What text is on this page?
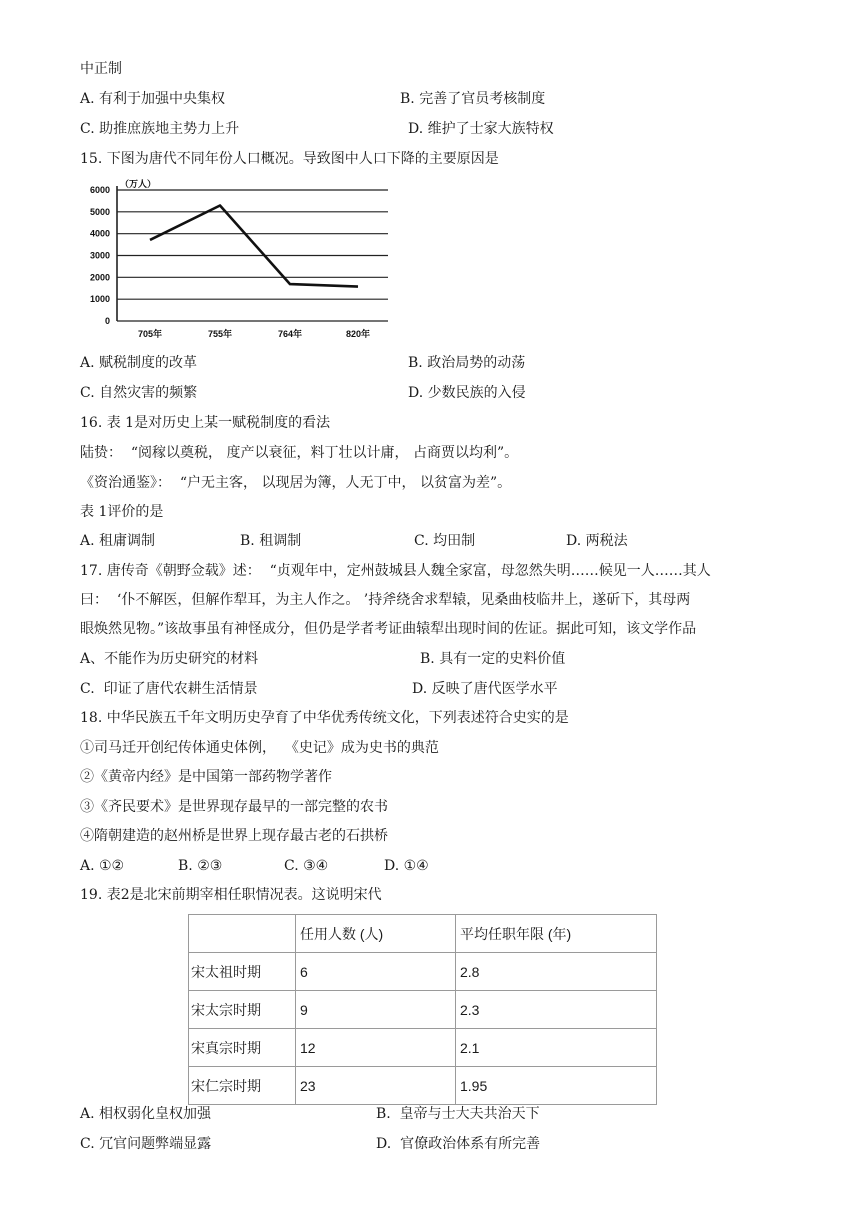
中正制
A. 有利于加强中央集权	B. 完善了官员考核制度
C. 助推庶族地主势力上升	D. 维护了士家大族特权
15. 下图为唐代不同年份人口概况。导致图中人口下降的主要原因是
6000
5000
4000
3000
2000
1000
0
705年	755年	764年	820年
（万人）
A. 赋税制度的改革	B. 政治局势的动荡
C. 自然灾害的频繁	D. 少数民族的入侵
16. 表 1是对历史上某一赋税制度的看法
陆贽：  “阅稼以奠税， 度产以衰征，料丁壮以计庸， 占商贾以均利”。
《资治通鉴》：  “户无主客， 以现居为簿，人无丁中， 以贫富为差”。
表 1评价的是
A. 租庸调制	B. 租调制	C. 均田制	D. 两税法
17. 唐传奇《朝野佥载》述：  “贞观年中，定州鼓城县人魏全家富，母忽然失明……候见一人……其人
曰：  ‘仆不解医，但解作犁耳，为主人作之。 ’持斧绕舍求犁辕，见桑曲枝临井上，遂斫下，其母两
眼焕然见物。”该故事虽有神怪成分，但仍是学者考证曲辕犁出现时间的佐证。据此可知，该文学作品
A、不能作为历史研究的材料	B. 具有一定的史料价值
C.  印证了唐代农耕生活情景	D. 反映了唐代医学水平
18. 中华民族五千年文明历史孕育了中华优秀传统文化，下列表述符合史实的是
①司马迁开创纪传体通史体例，  《史记》成为史书的典范
②《黄帝内经》是中国第一部药物学著作
③《齐民要术》是世界现存最早的一部完整的农书
④隋朝建造的赵州桥是世界上现存最古老的石拱桥
A. ①②	B. ②③	C. ③④	D. ①④
19. 表2是北宋前期宰相任职情况表。这说明宋代
	任用人数 (人)	平均任职年限 (年)
宋太祖时期	6	2.8
宋太宗时期	9	2.3
宋真宗时期	12	2.1
宋仁宗时期	23	1.95
A. 相权弱化皇权加强	B.  皇帝与士大夫共治天下
C. 冗官问题弊端显露	D.  官僚政治体系有所完善
